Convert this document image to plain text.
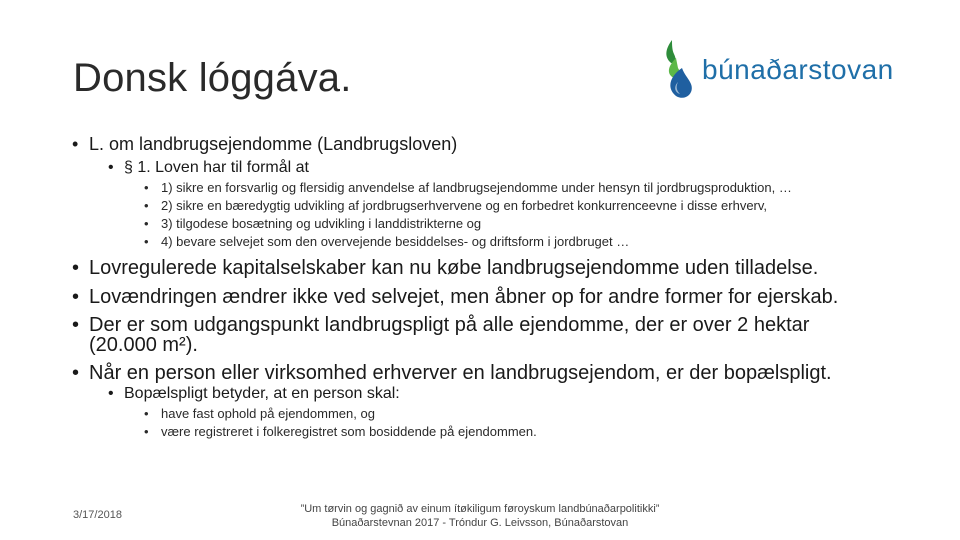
Donsk lóggáva.	búnaðarstovan
• L. om landbrugsejendomme (Landbrugsloven)
• § 1. Loven har til formål at
• 1) sikre en forsvarlig og flersidig anvendelse af landbrugsejendomme under hensyn til jordbrugsproduktion, …
• 2) sikre en bæredygtig udvikling af jordbrugserhvervene og en forbedret konkurrenceevne i disse erhverv,
• 3) tilgodese bosætning og udvikling i landdistrikterne og
• 4) bevare selvejet som den overvejende besiddelses- og driftsform i jordbruget …
• Lovregulerede kapitalselskaber kan nu købe landbrugsejendomme uden tilladelse.
• Lovændringen ændrer ikke ved selvejet, men åbner op for andre former for ejerskab.
• Der er som udgangspunkt landbrugspligt på alle ejendomme, der er over 2 hektar
(20.000 m²).
• Når en person eller virksomhed erhverver en landbrugsejendom, er der bopælspligt.
• Bopælspligt betyder, at en person skal:
• have fast ophold på ejendommen, og
• være registreret i folkeregistret som bosiddende på ejendommen.
3/17/2018	”Um tørvin og gagnið av einum ítøkiligum føroyskum landbúnaðarpolitikki”
Búnaðarstevnan 2017 - Tróndur G. Leivsson, Búnaðarstovan
